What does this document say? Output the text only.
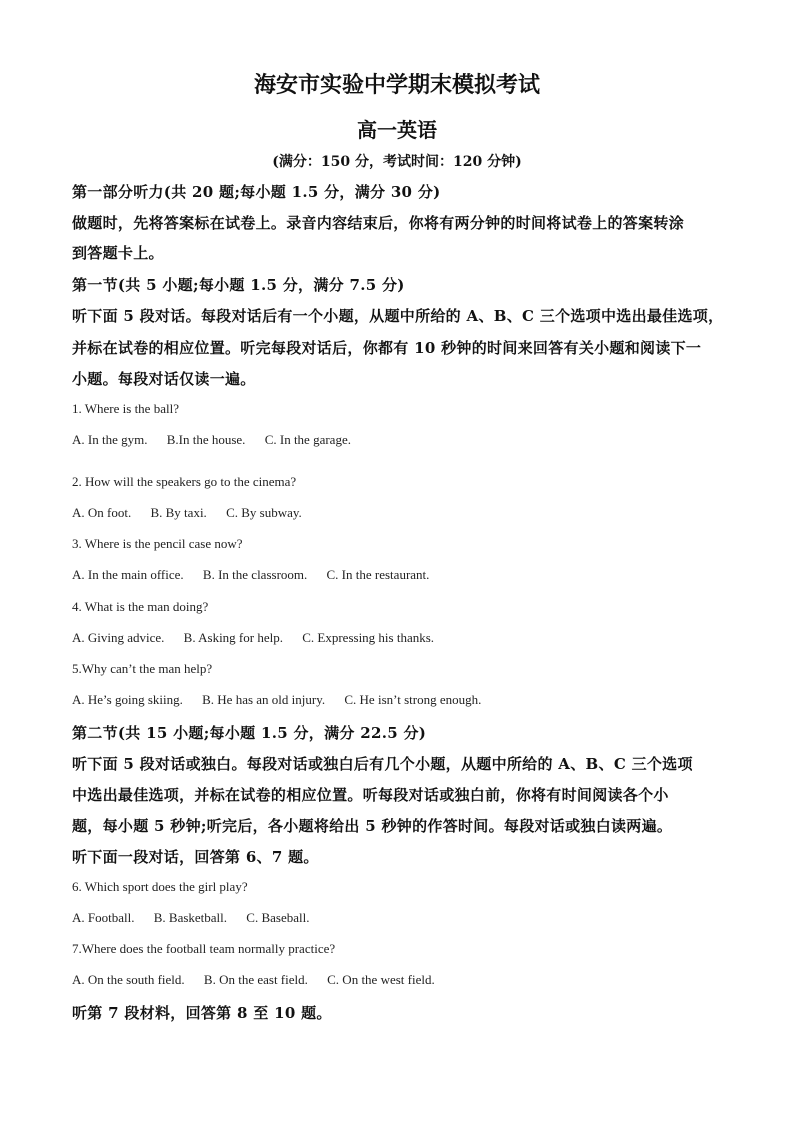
海安市实验中学期末模拟考试
高一英语
(满分：150 分，考试时间：120 分钟)
第一部分听力(共 20 题;每小题 1.5 分，满分 30 分)
做题时，先将答案标在试卷上。录音内容结束后，你将有两分钟的时间将试卷上的答案转涂
到答题卡上。
第一节(共 5 小题;每小题 1.5 分，满分 7.5 分)
听下面 5 段对话。每段对话后有一个小题，从题中所给的 A、B、C 三个选项中选出最佳选项，
并标在试卷的相应位置。听完每段对话后，你都有 10 秒钟的时间来回答有关小题和阅读下一
小题。每段对话仅读一遍。
1. Where is the ball?
A. In the gym. B.In the house. C. In the garage.
2. How will the speakers go to the cinema?
A. On foot. B. By taxi. C. By subway.
3. Where is the pencil case now?
A. In the main office. B. In the classroom. C. In the restaurant.
4. What is the man doing?
A. Giving advice. B. Asking for help. C. Expressing his thanks.
5.Why can’t the man help?
A. He’s going skiing. B. He has an old injury. C. He isn’t strong enough.
第二节(共 15 小题;每小题 1.5 分，满分 22.5 分)
听下面 5 段对话或独白。每段对话或独白后有几个小题，从题中所给的 A、B、C 三个选项
中选出最佳选项，并标在试卷的相应位置。听每段对话或独白前，你将有时间阅读各个小
题，每小题 5 秒钟;听完后，各小题将给出 5 秒钟的作答时间。每段对话或独白读两遍。
听下面一段对话，回答第 6、7 题。
6. Which sport does the girl play?
A. Football. B. Basketball. C. Baseball.
7.Where does the football team normally practice?
A. On the south field. B. On the east field. C. On the west field.
听第 7 段材料，回答第 8 至 10 题。
